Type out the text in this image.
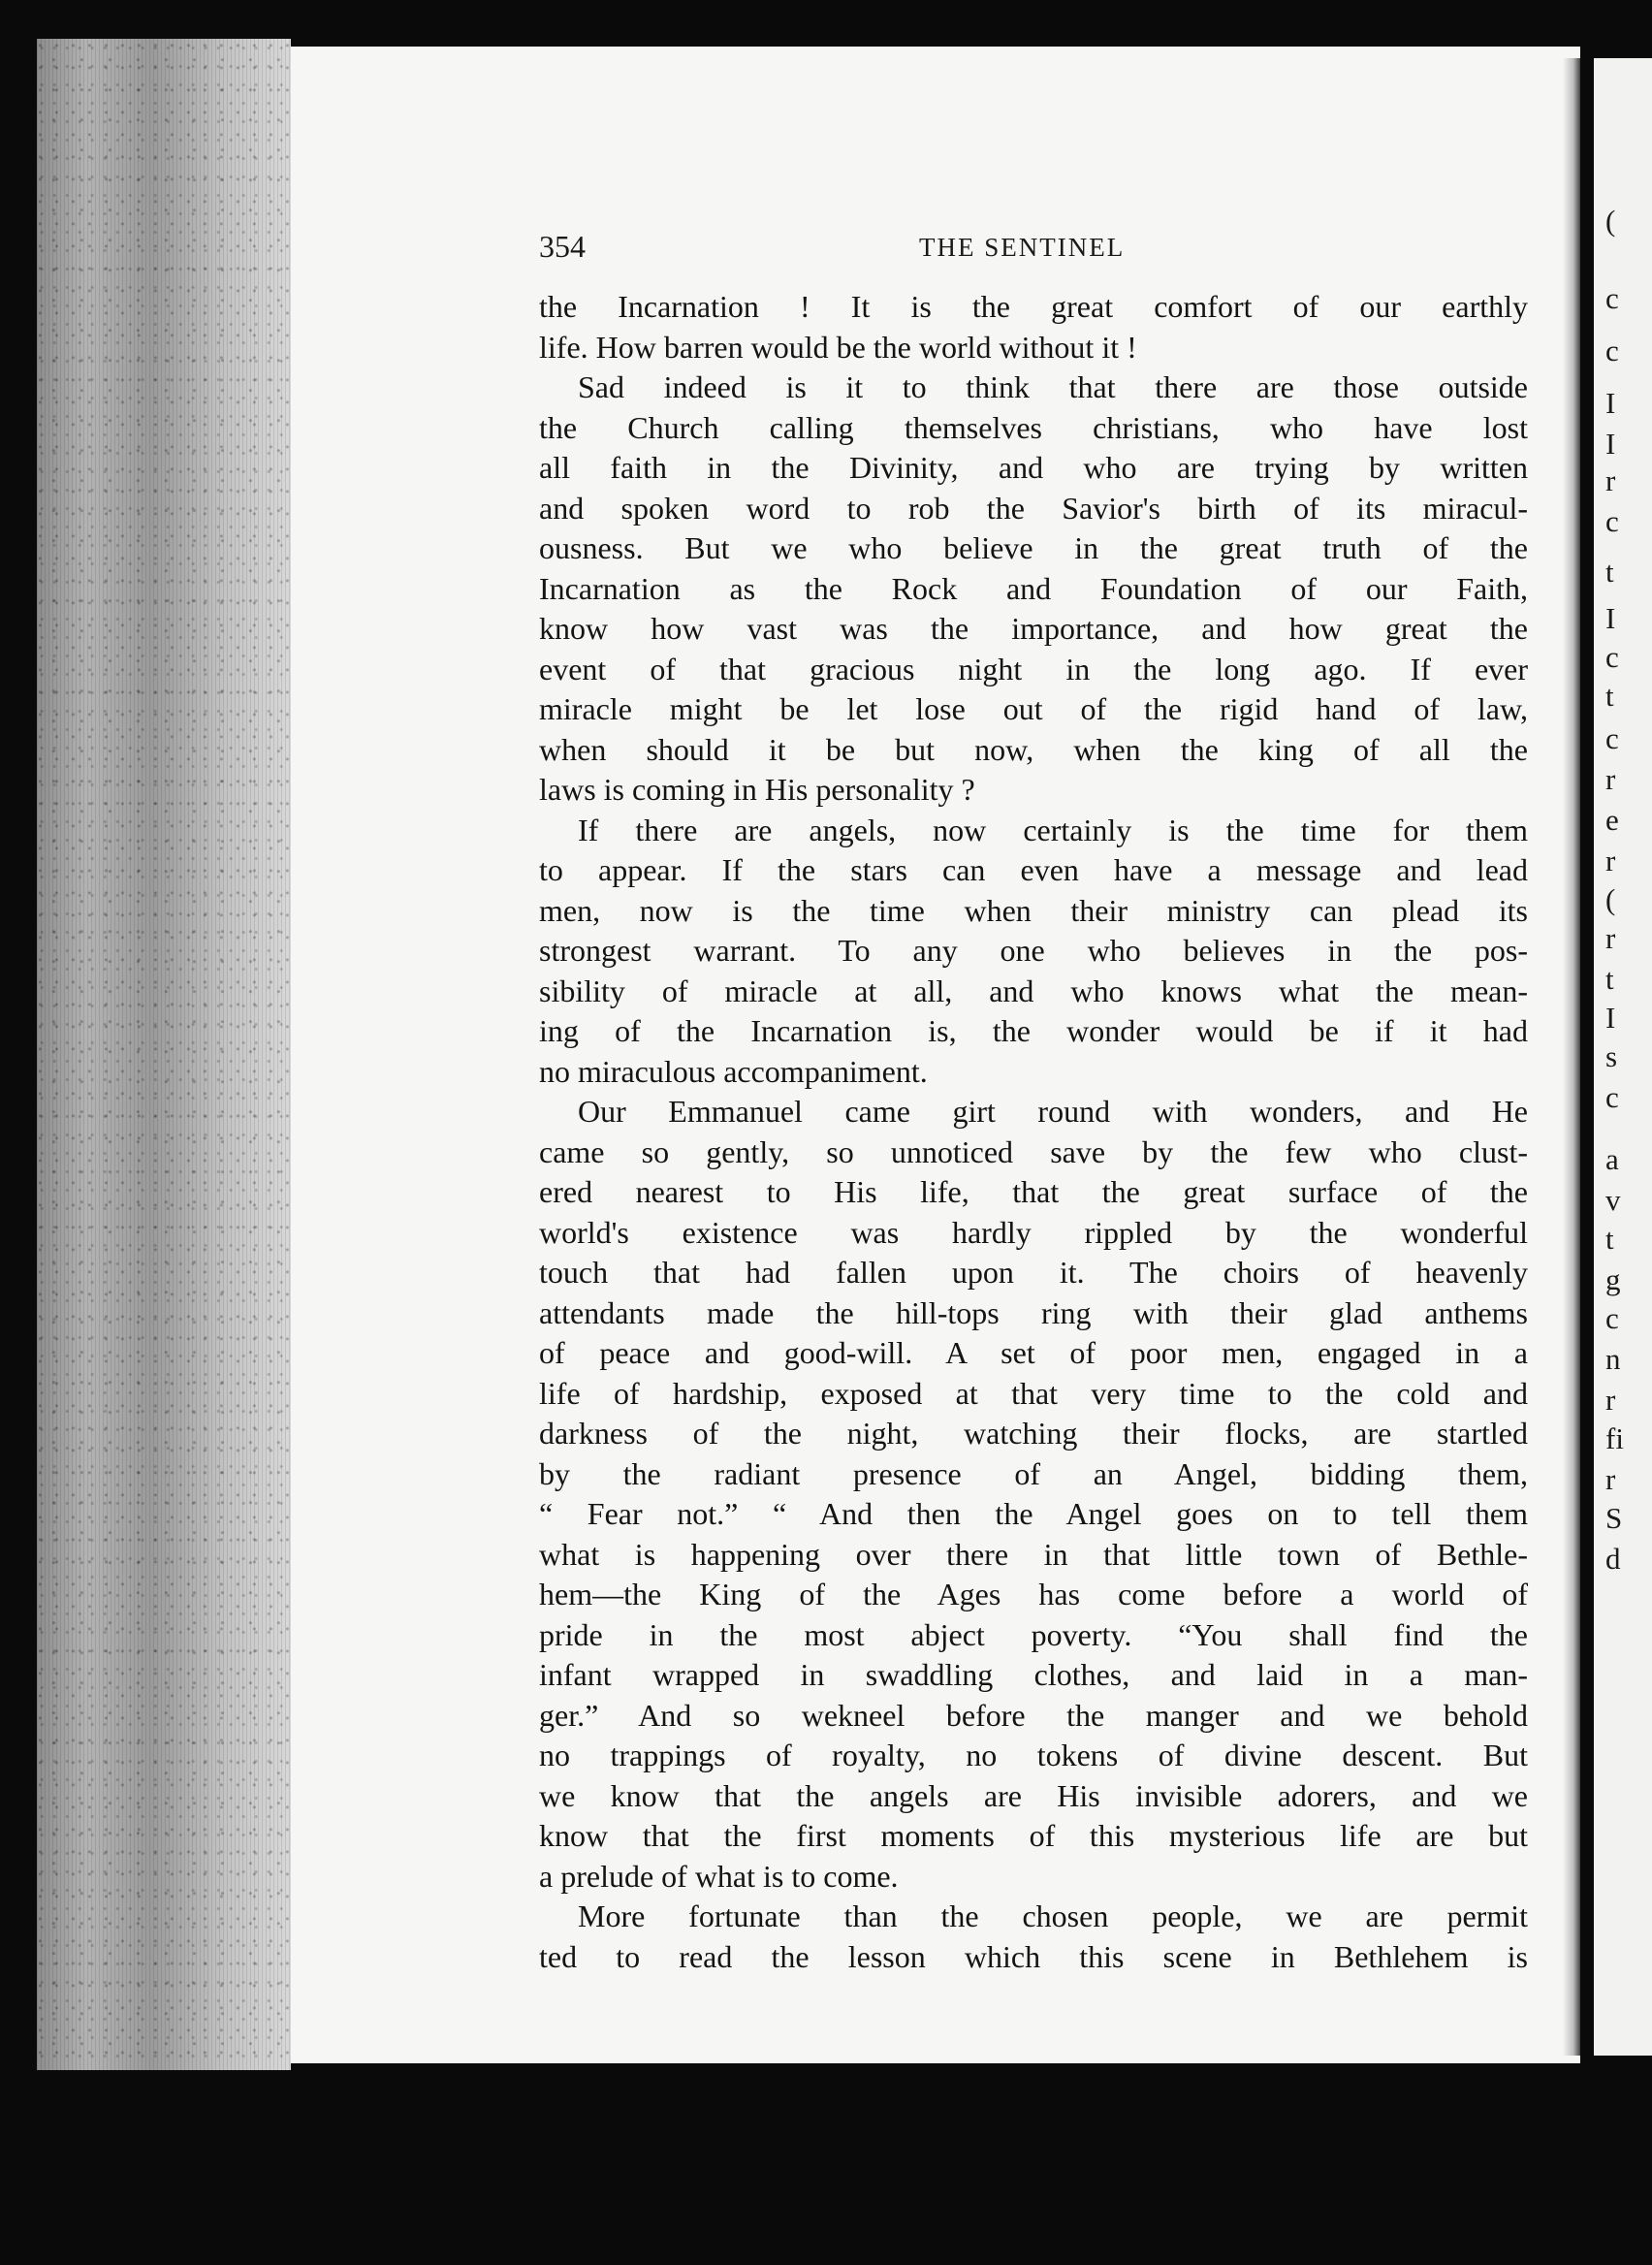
(
c
c
I
I
r
c
t
I
c
t
c
r
e
r
(
r
t
I
s
c
a
v
t
g
c
n
r
fi
r
S
d
354	THE SENTINEL
the Incarnation ! It is the great comfort of our earthly
life. How barren would be the world without it !
Sad indeed is it to think that there are those outside
the Church calling themselves christians, who have lost
all faith in the Divinity, and who are trying by written
and spoken word to rob the Savior's birth of its miracul-
ousness. But we who believe in the great truth of the
Incarnation as the Rock and Foundation of our Faith,
know how vast was the importance, and how great the
event of that gracious night in the long ago. If ever
miracle might be let lose out of the rigid hand of law,
when should it be but now, when the king of all the
laws is coming in His personality ?
If there are angels, now certainly is the time for them
to appear. If the stars can even have a message and lead
men, now is the time when their ministry can plead its
strongest warrant. To any one who believes in the pos-
sibility of miracle at all, and who knows what the mean-
ing of the Incarnation is, the wonder would be if it had
no miraculous accompaniment.
Our Emmanuel came girt round with wonders, and He
came so gently, so unnoticed save by the few who clust-
ered nearest to His life, that the great surface of the
world's existence was hardly rippled by the wonderful
touch that had fallen upon it. The choirs of heavenly
attendants made the hill-tops ring with their glad anthems
of peace and good-will. A set of poor men, engaged in a
life of hardship, exposed at that very time to the cold and
darkness of the night, watching their flocks, are startled
by the radiant presence of an Angel, bidding them,
“ Fear not.” “ And then the Angel goes on to tell them
what is happening over there in that little town of Bethle-
hem—the King of the Ages has come before a world of
pride in the most abject poverty. “You shall find the
infant wrapped in swaddling clothes, and laid in a man-
ger.” And so wekneel before the manger and we behold
no trappings of royalty, no tokens of divine descent. But
we know that the angels are His invisible adorers, and we
know that the first moments of this mysterious life are but
a prelude of what is to come.
More fortunate than the chosen people, we are permit
ted to read the lesson which this scene in Bethlehem is
